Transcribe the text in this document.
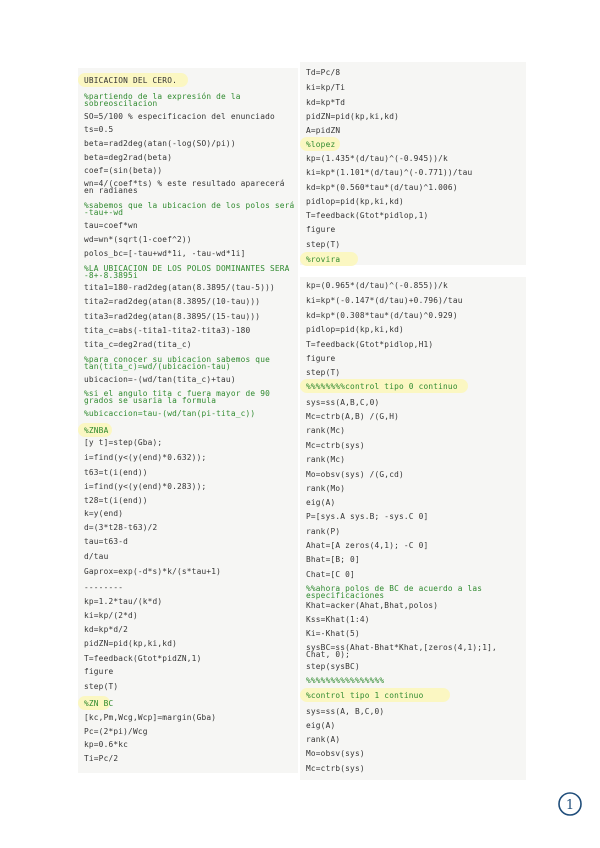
UBICACION DEL CERO.
%partiendo de la expresión de la sobreoscilacion
SO=5/100 % especificacion del enunciado
ts=0.5
beta=rad2deg(atan(-log(SO)/pi))
beta=deg2rad(beta)
coef=(sin(beta))
wn=4/(coef*ts) % este resultado aparecerá en radianes
%sabemos que la ubicacion de los polos será -tau+-wd
tau=coef*wn
wd=wn*(sqrt(1-coef^2))
polos_bc=[-tau+wd*1i, -tau-wd*1i]
%LA UBICACION DE LOS POLOS DOMINANTES SERA -8+-8.3895i
tita1=180-rad2deg(atan(8.3895/(tau-5)))
tita2=rad2deg(atan(8.3895/(10-tau)))
tita3=rad2deg(atan(8.3895/(15-tau)))
tita_c=abs(-tita1-tita2-tita3)-180
tita_c=deg2rad(tita_c)
%para conocer su ubicacion sabemos que tan(tita_c)=wd/(ubicacion-tau)
ubicacion=-(wd/tan(tita_c)+tau)
%si el angulo tita c fuera mayor de 90 grados se usaria la formula
%ubicaccion=tau-(wd/tan(pi-tita_c))
%ZNBA
[y t]=step(Gba);
i=find(y<(y(end)*0.632));
t63=t(i(end))
i=find(y<(y(end)*0.283));
t28=t(i(end))
k=y(end)
d=(3*t28-t63)/2
tau=t63-d
d/tau
Gaprox=exp(-d*s)*k/(s*tau+1)
--------
kp=1.2*tau/(k*d)
ki=kp/(2*d)
kd=kp*d/2
pidZN=pid(kp,ki,kd)
T=feedback(Gtot*pidZN,1)
figure
step(T)
%ZN BC
[kc,Pm,Wcg,Wcp]=margin(Gba)
Pc=(2*pi)/Wcg
kp=0.6*kc
Ti=Pc/2
Td=Pc/8
ki=kp/Ti
kd=kp*Td
pidZN=pid(kp,ki,kd)
A=pidZN
%lopez
kp=(1.435*(d/tau)^(-0.945))/k
ki=kp*(1.101*(d/tau)^(-0.771))/tau
kd=kp*(0.560*tau*(d/tau)^1.006)
pidlop=pid(kp,ki,kd)
T=feedback(Gtot*pidlop,1)
figure
step(T)
%rovira
kp=(0.965*(d/tau)^(-0.855))/k
ki=kp*(-0.147*(d/tau)+0.796)/tau
kd=kp*(0.308*tau*(d/tau)^0.929)
pidlop=pid(kp,ki,kd)
T=feedback(Gtot*pidlop,H1)
figure
step(T)
%%%%%%%%control tipo 0 continuo
sys=ss(A,B,C,0)
Mc=ctrb(A,B) /(G,H)
rank(Mc)
Mc=ctrb(sys)
rank(Mc)
Mo=obsv(sys) /(G,cd)
rank(Mo)
eig(A)
P=[sys.A sys.B; -sys.C 0]
rank(P)
Ahat=[A zeros(4,1); -C 0]
Bhat=[B; 0]
Chat=[C 0]
%%ahora polos de BC de acuerdo a las especificaciones
Khat=acker(Ahat,Bhat,polos)
Kss=Khat(1:4)
Ki=-Khat(5)
sysBC=ss(Ahat-Bhat*Khat,[zeros(4,1);1], Chat, 0);
step(sysBC)
%%%%%%%%%%%%%%%%
%control tipo 1 continuo
sys=ss(A, B,C,0)
eig(A)
rank(A)
Mo=obsv(sys)
Mc=ctrb(sys)
1
